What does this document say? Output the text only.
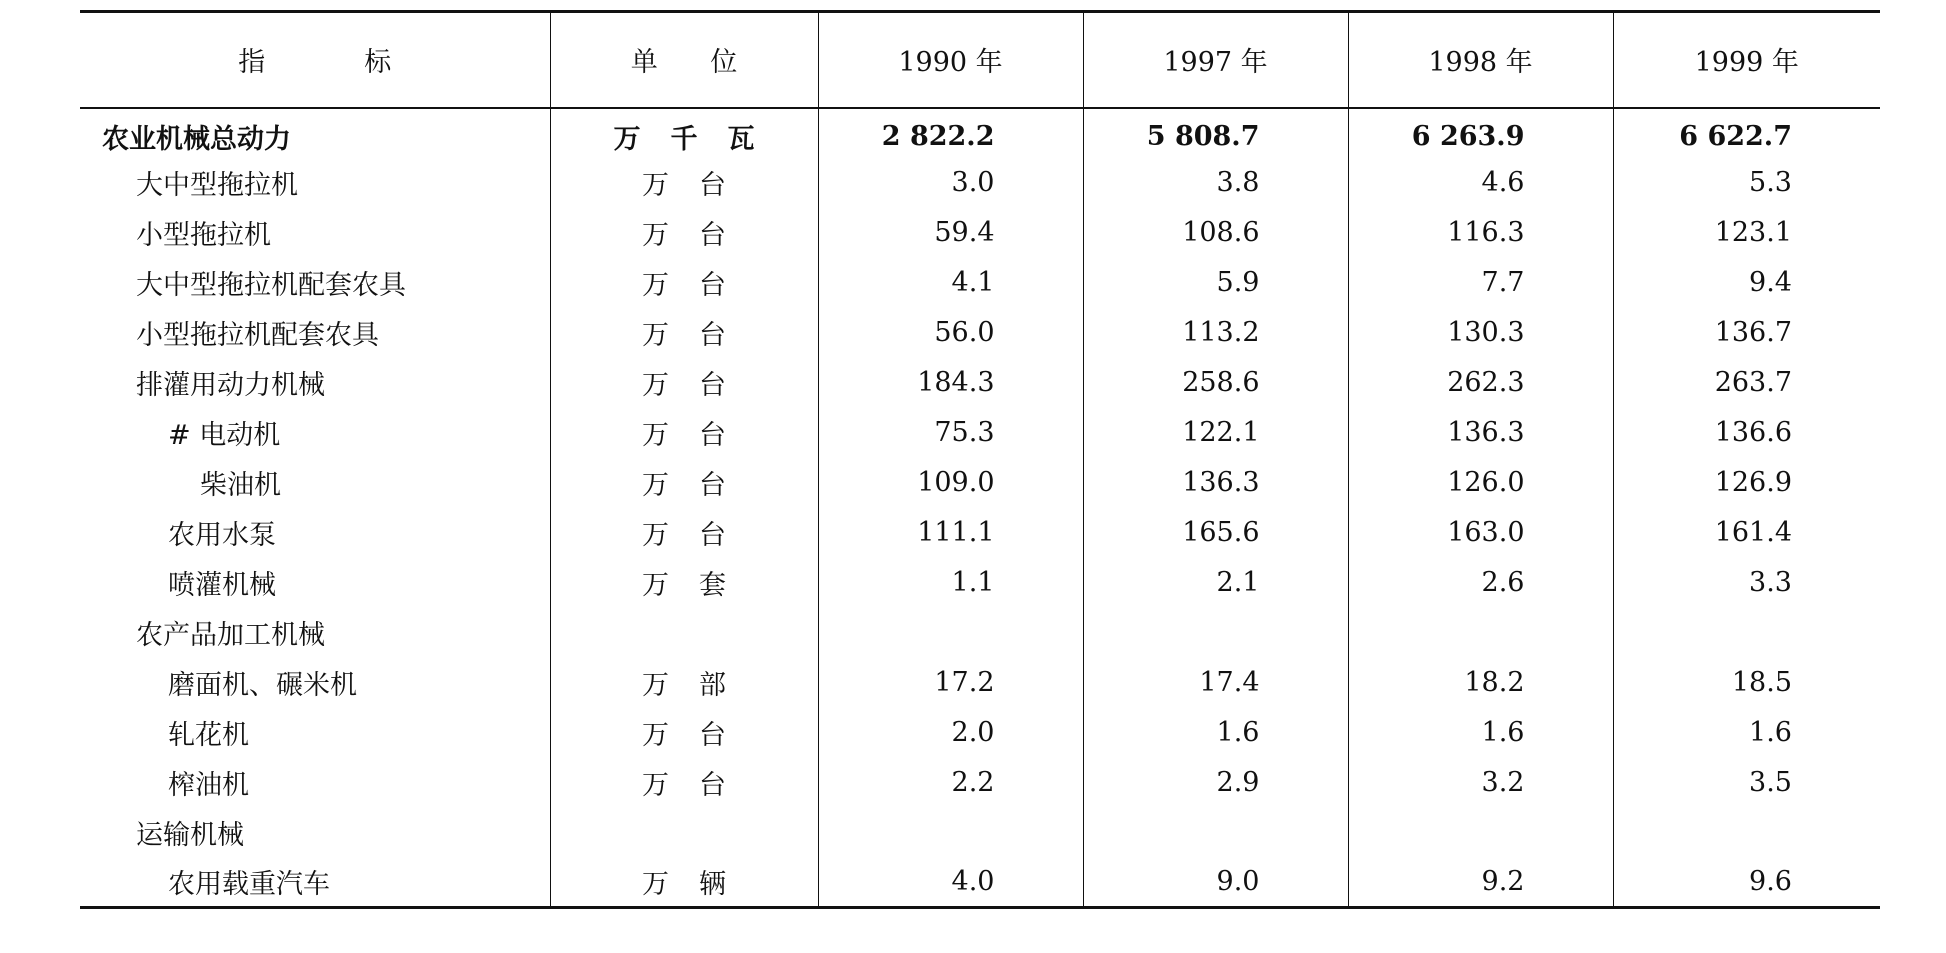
指　标	单 位	1990 年	1997 年	1998 年	1999 年
农业机械总动力	万千瓦	2 822.2	5 808.7	6 263.9	6 622.7
大中型拖拉机	万台	3.0	3.8	4.6	5.3
小型拖拉机	万台	59.4	108.6	116.3	123.1
大中型拖拉机配套农具	万台	4.1	5.9	7.7	9.4
小型拖拉机配套农具	万台	56.0	113.2	130.3	136.7
排灌用动力机械	万台	184.3	258.6	262.3	263.7
# 电动机	万台	75.3	122.1	136.3	136.6
柴油机	万台	109.0	136.3	126.0	126.9
农用水泵	万台	111.1	165.6	163.0	161.4
喷灌机械	万套	1.1	2.1	2.6	3.3
农产品加工机械					
磨面机、碾米机	万部	17.2	17.4	18.2	18.5
轧花机	万台	2.0	1.6	1.6	1.6
榨油机	万台	2.2	2.9	3.2	3.5
运输机械					
农用载重汽车	万辆	4.0	9.0	9.2	9.6
